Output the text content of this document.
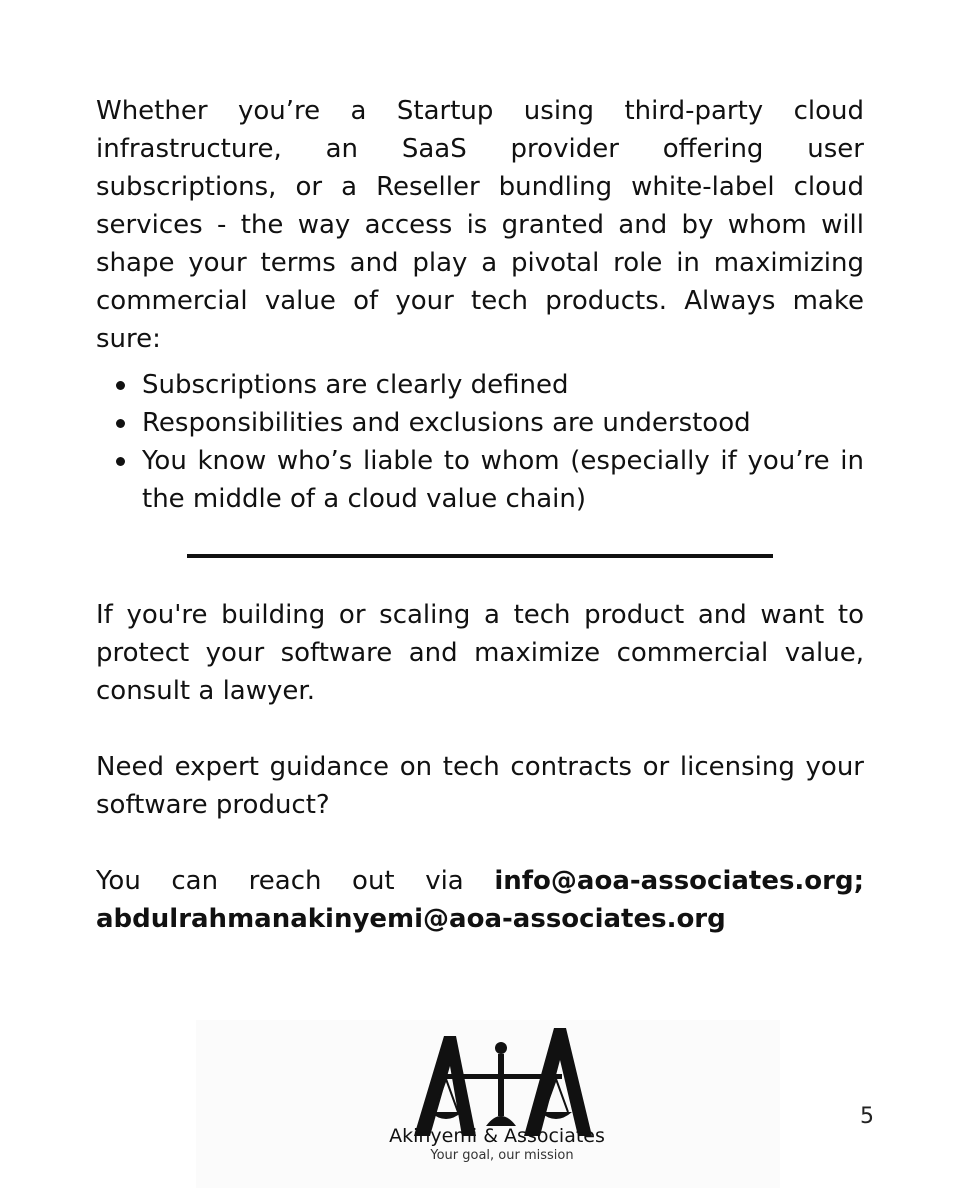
Whether you’re a Startup using third-party cloud infrastructure, an SaaS provider offering user subscriptions, or a Reseller bundling white-label cloud services - the way access is granted and by whom will shape your terms and play a pivotal role in maximizing commercial value of your tech products. Always make sure:

Subscriptions are clearly defined
Responsibilities and exclusions are understood
You know who’s liable to whom (especially if you’re in the middle of a cloud value chain)

If you're building or scaling a tech product and want to protect your software and maximize commercial value, consult a lawyer.

Need expert guidance on tech contracts or licensing your software product?

You can reach out via info@aoa-associates.org;
abdulrahmanakinyemi@aoa-associates.org

Akinyemi & Associates
Your goal, our mission
5
